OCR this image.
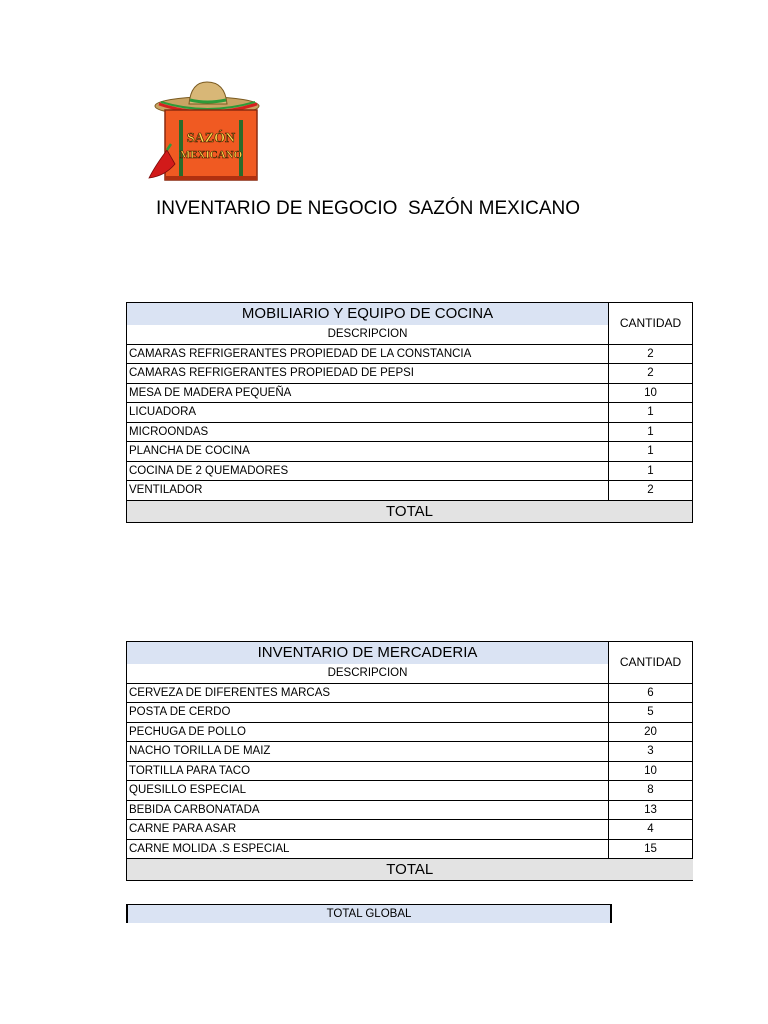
SAZÓN
MEXICANO
INVENTARIO DE NEGOCIO  SAZÓN MEXICANO
MOBILIARIO Y EQUIPO DE COCINA	CANTIDAD
DESCRIPCION	
CAMARAS REFRIGERANTES PROPIEDAD DE LA CONSTANCIA	2
CAMARAS REFRIGERANTES PROPIEDAD DE PEPSI	2
MESA DE MADERA PEQUEÑA	10
LICUADORA	1
MICROONDAS	1
PLANCHA DE COCINA	1
COCINA DE 2 QUEMADORES	1
VENTILADOR	2
TOTAL	
INVENTARIO DE MERCADERIA	CANTIDAD
DESCRIPCION	
CERVEZA DE DIFERENTES MARCAS	6
POSTA DE CERDO	5
PECHUGA DE POLLO	20
NACHO TORILLA DE MAIZ	3
TORTILLA PARA TACO	10
QUESILLO ESPECIAL	8
BEBIDA CARBONATADA	13
CARNE PARA ASAR	4
CARNE MOLIDA .S ESPECIAL	15
TOTAL	
TOTAL GLOBAL
